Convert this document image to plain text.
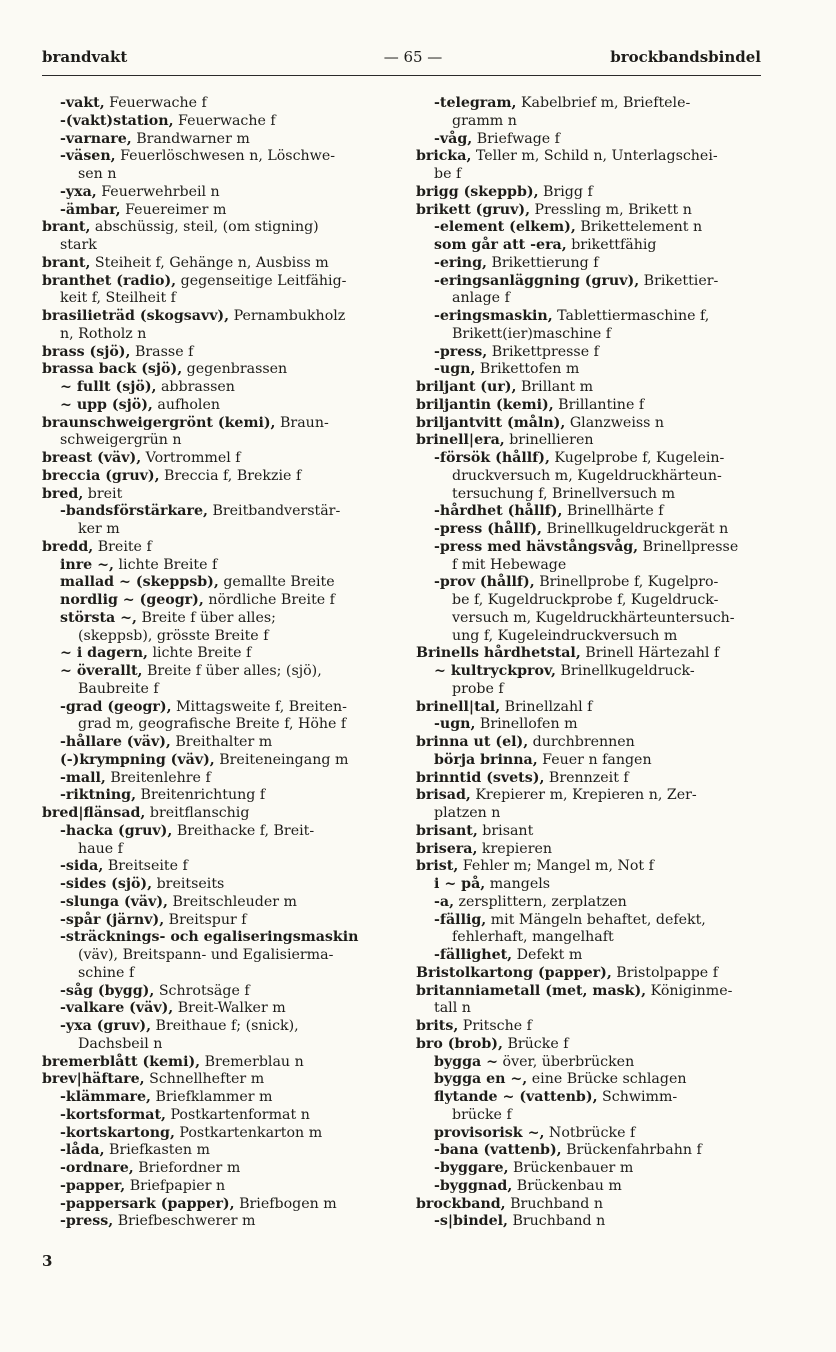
brandvakt	— 65 —	brockbandsbindel
-vakt, Feuerwache f
-(vakt)station, Feuerwache f
-varnare, Brandwarner m
-väsen, Feuerlöschwesen n, Löschwe-
sen n
-yxa, Feuerwehrbeil n
-ämbar, Feuereimer m
brant, abschüssig, steil, (om stigning)
stark
brant, Steiheit f, Gehänge n, Ausbiss m
branthet (radio), gegenseitige Leitfähig-
keit f, Steilheit f
brasilieträd (skogsavv), Pernambukholz
n, Rotholz n
brass (sjö), Brasse f
brassa back (sjö), gegenbrassen
~ fullt (sjö), abbrassen
~ upp (sjö), aufholen
braunschweigergrönt (kemi), Braun-
schweigergrün n
breast (väv), Vortrommel f
breccia (gruv), Breccia f, Brekzie f
bred, breit
-bandsförstärkare, Breitbandverstär-
ker m
bredd, Breite f
inre ~, lichte Breite f
mallad ~ (skeppsb), gemallte Breite
nordlig ~ (geogr), nördliche Breite f
största ~, Breite f über alles;
(skeppsb), grösste Breite f
~ i dagern, lichte Breite f
~ överallt, Breite f über alles; (sjö),
Baubreite f
-grad (geogr), Mittagsweite f, Breiten-
grad m, geografische Breite f, Höhe f
-hållare (väv), Breithalter m
(-)krympning (väv), Breiteneingang m
-mall, Breitenlehre f
-riktning, Breitenrichtung f
bred|flänsad, breitflanschig
-hacka (gruv), Breithacke f, Breit-
haue f
-sida, Breitseite f
-sides (sjö), breitseits
-slunga (väv), Breitschleuder m
-spår (järnv), Breitspur f
-sträcknings- och egaliseringsmaskin
(väv), Breitspann- und Egalisierma-
schine f
-såg (bygg), Schrotsäge f
-valkare (väv), Breit-Walker m
-yxa (gruv), Breithaue f; (snick),
Dachsbeil n
bremerblått (kemi), Bremerblau n
brev|häftare, Schnellhefter m
-klämmare, Briefklammer m
-kortsformat, Postkartenformat n
-kortskartong, Postkartenkarton m
-låda, Briefkasten m
-ordnare, Briefordner m
-papper, Briefpapier n
-pappersark (papper), Briefbogen m
-press, Briefbeschwerer m
-telegram, Kabelbrief m, Brieftele-
gramm n
-våg, Briefwage f
bricka, Teller m, Schild n, Unterlagschei-
be f
brigg (skeppb), Brigg f
brikett (gruv), Pressling m, Brikett n
-element (elkem), Brikettelement n
som går att -era, brikettfähig
-ering, Brikettierung f
-eringsanläggning (gruv), Brikettier-
anlage f
-eringsmaskin, Tablettiermaschine f,
Brikett(ier)maschine f
-press, Brikettpresse f
-ugn, Brikettofen m
briljant (ur), Brillant m
briljantin (kemi), Brillantine f
briljantvitt (måln), Glanzweiss n
brinell|era, brinellieren
-försök (hållf), Kugelprobe f, Kugelein-
druckversuch m, Kugeldruckhärteun-
tersuchung f, Brinellversuch m
-hårdhet (hållf), Brinellhärte f
-press (hållf), Brinellkugeldruckgerät n
-press med hävstångsvåg, Brinellpresse
f mit Hebewage
-prov (hållf), Brinellprobe f, Kugelpro-
be f, Kugeldruckprobe f, Kugeldruck-
versuch m, Kugeldruckhärteuntersuch-
ung f, Kugeleindruckversuch m
Brinells hårdhetstal, Brinell Härtezahl f
~ kultryckprov, Brinellkugeldruck-
probe f
brinell|tal, Brinellzahl f
-ugn, Brinellofen m
brinna ut (el), durchbrennen
börja brinna, Feuer n fangen
brinntid (svets), Brennzeit f
brisad, Krepierer m, Krepieren n, Zer-
platzen n
brisant, brisant
brisera, krepieren
brist, Fehler m; Mangel m, Not f
i ~ på, mangels
-a, zersplittern, zerplatzen
-fällig, mit Mängeln behaftet, defekt,
fehlerhaft, mangelhaft
-fällighet, Defekt m
Bristolkartong (papper), Bristolpappe f
britanniametall (met, mask), Königinme-
tall n
brits, Pritsche f
bro (brob), Brücke f
bygga ~ över, überbrücken
bygga en ~, eine Brücke schlagen
flytande ~ (vattenb), Schwimm-
brücke f
provisorisk ~, Notbrücke f
-bana (vattenb), Brückenfahrbahn f
-byggare, Brückenbauer m
-byggnad, Brückenbau m
brockband, Bruchband n
-s|bindel, Bruchband n
3
